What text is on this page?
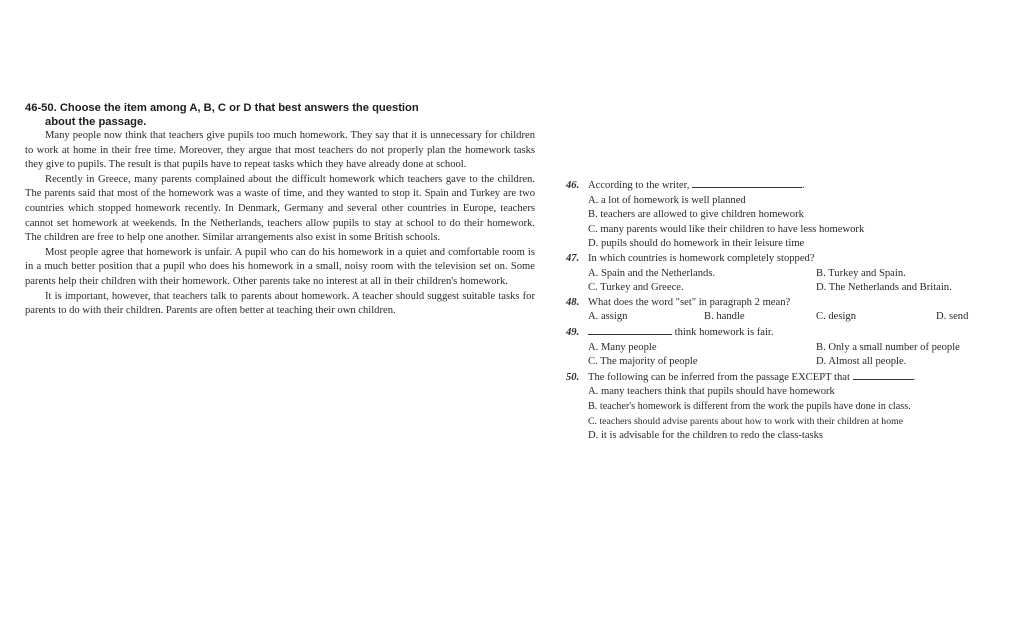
46-50. Choose the item among A, B, C or D that best answers the question
about the passage.

Many people now think that teachers give pupils too much homework. They say that it is unnecessary for children to work at home in their free time. Moreover, they argue that most teachers do not properly plan the homework tasks they give to pupils. The result is that pupils have to repeat tasks which they have already done at school.

Recently in Greece, many parents complained about the difficult homework which teachers gave to the children. The parents said that most of the homework was a waste of time, and they wanted to stop it. Spain and Turkey are two countries which stopped homework recently. In Denmark, Germany and several other countries in Europe, teachers cannot set homework at weekends. In the Netherlands, teachers allow pupils to stay at school to do their homework. The children are free to help one another. Similar arrangements also exist in some British schools.

Most people agree that homework is unfair. A pupil who can do his homework in a quiet and comfortable room is in a much better position that a pupil who does his homework in a small, noisy room with the television set on. Some parents help their children with their homework. Other parents take no interest at all in their children's homework.

It is important, however, that teachers talk to parents about homework. A teacher should suggest suitable tasks for parents to do with their children. Parents are often better at teaching their own children.

46. According to the writer,	.
A. a lot of homework is well planned
B. teachers are allowed to give children homework
C. many parents would like their children to have less homework
D. pupils should do homework in their leisure time
47. In which countries is homework completely stopped?
A. Spain and the Netherlands.	B. Turkey and Spain.
C. Turkey and Greece.	D. The Netherlands and Britain.
48. What does the word "set" in paragraph 2 mean?
A. assign	B. handle	C. design	D. send
49.	think homework is fair.
A. Many people	B. Only a small number of people
C. The majority of people	D. Almost all people.
50. The following can be inferred from the passage EXCEPT that	.
A. many teachers think that pupils should have homework
B. teacher's homework is different from the work the pupils have done in class.
C. teachers should advise parents about how to work with their children at home
D. it is advisable for the children to redo the class-tasks
